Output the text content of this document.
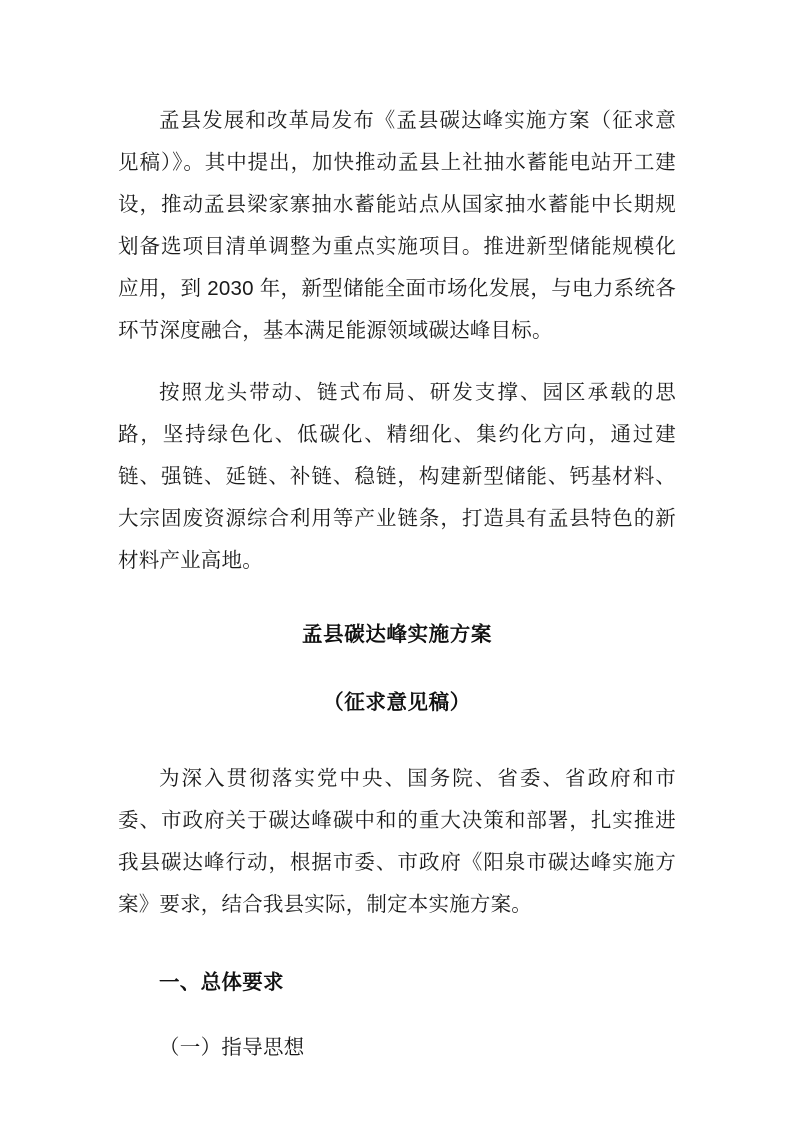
孟县发展和改革局发布《孟县碳达峰实施方案（征求意见稿）》。其中提出，加快推动孟县上社抽水蓄能电站开工建设，推动孟县梁家寨抽水蓄能站点从国家抽水蓄能中长期规划备选项目清单调整为重点实施项目。推进新型储能规模化应用，到 2030 年，新型储能全面市场化发展，与电力系统各环节深度融合，基本满足能源领域碳达峰目标。

按照龙头带动、链式布局、研发支撑、园区承载的思路，坚持绿色化、低碳化、精细化、集约化方向，通过建链、强链、延链、补链、稳链，构建新型储能、钙基材料、大宗固废资源综合利用等产业链条，打造具有孟县特色的新材料产业高地。

孟县碳达峰实施方案

（征求意见稿）

为深入贯彻落实党中央、国务院、省委、省政府和市委、市政府关于碳达峰碳中和的重大决策和部署，扎实推进我县碳达峰行动，根据市委、市政府《阳泉市碳达峰实施方案》要求，结合我县实际，制定本实施方案。

一、总体要求

（一）指导思想
